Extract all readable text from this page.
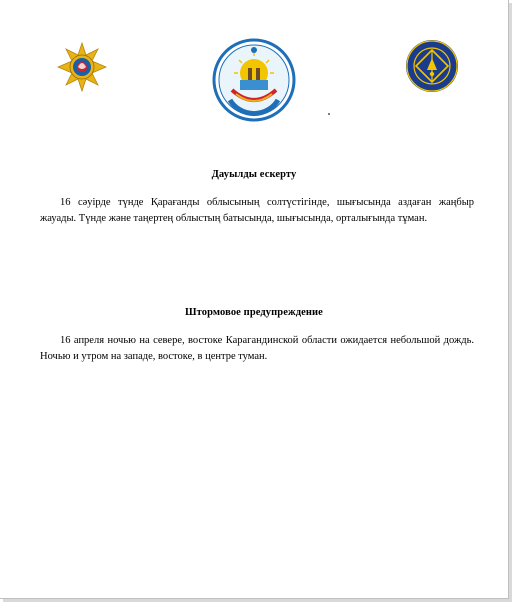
Дауылды ескерту

16 сәуірде түнде Қарағанды облысының солтүстігінде, шығысында аздаған жаңбыр жауады. Түнде және таңертең облыстың батысында, шығысында, орталығында тұман.

Штормовое предупреждение

16 апреля ночью на севере, востоке Карагандинской области ожидается небольшой дождь. Ночью и утром на западе, востоке, в центре туман.
